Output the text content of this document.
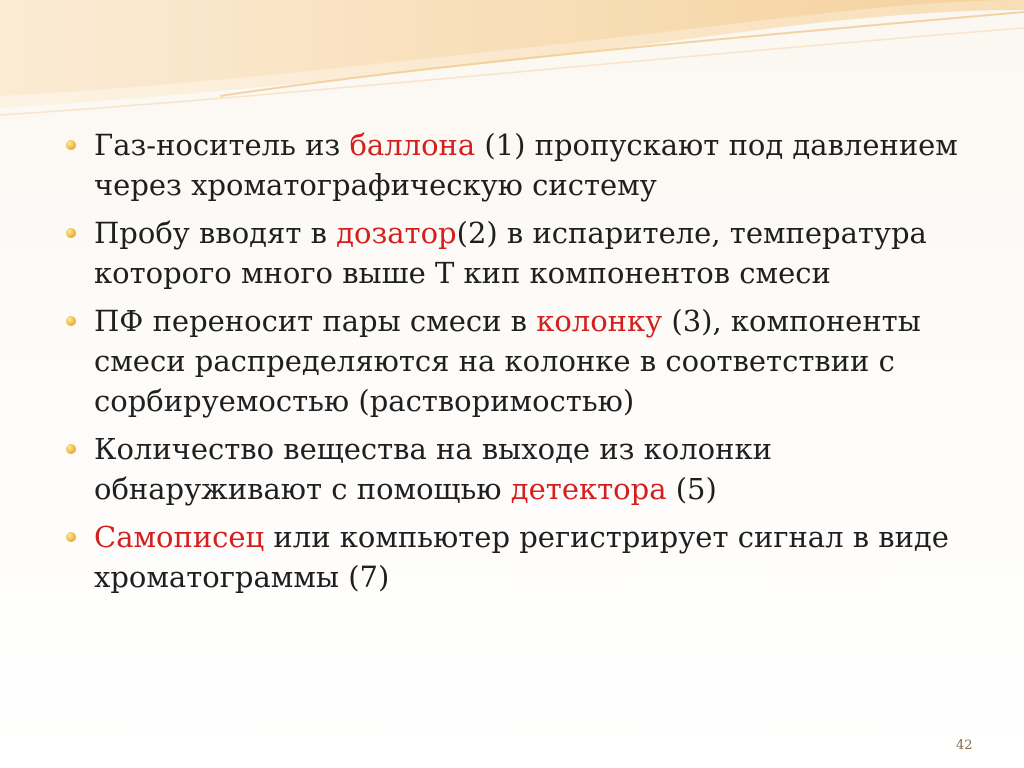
Газ-носитель из баллона (1) пропускают под давлением через хроматографическую систему
Пробу вводят в дозатор(2) в испарителе, температура которого много выше Т кип компонентов смеси
ПФ переносит пары смеси в колонку (3), компоненты смеси распределяются на колонке в соответствии с сорбируемостью (растворимостью)
Количество вещества на выходе из колонки обнаруживают с помощью детектора (5)
Самописец или компьютер регистрирует сигнал в виде хроматограммы (7)
42
